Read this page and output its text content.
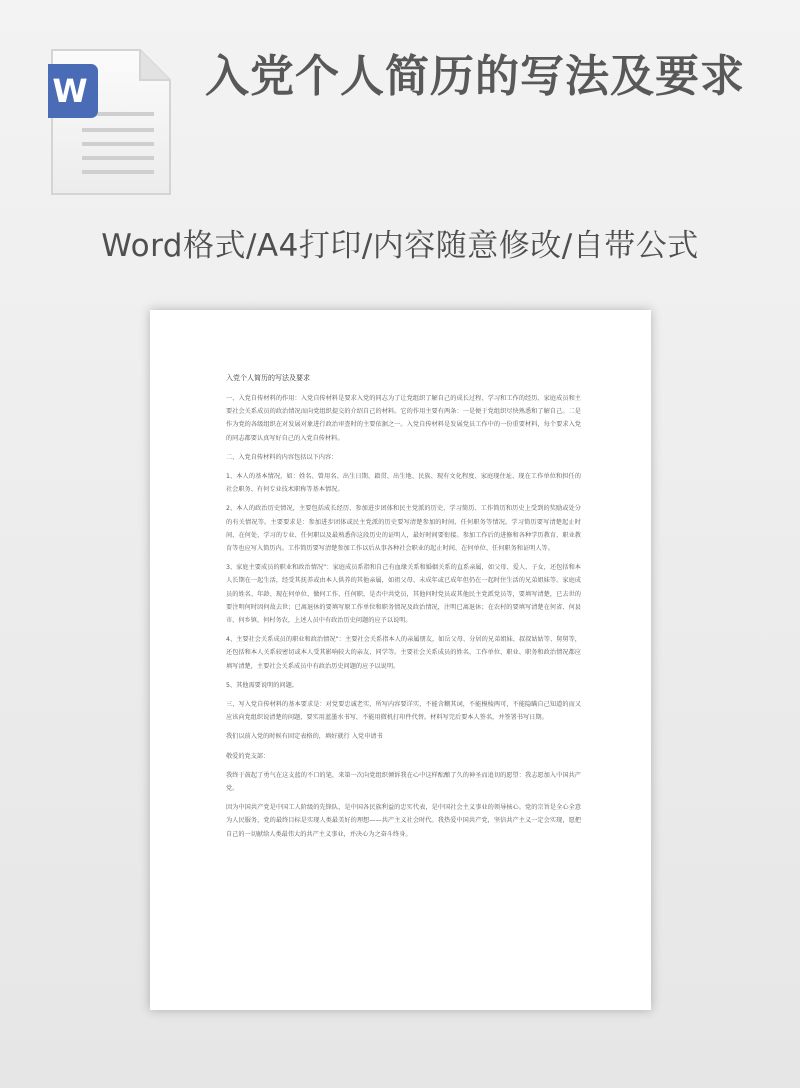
W	入党个人简历的写法及要求
Word格式/A4打印/内容随意修改/自带公式
入党个人简历的写法及要求
一、入党自传材料的作用：入党自传材料是要求入党的同志为了让党组织了解自己的成长过程、学习和工作的经历、家庭成员和主要社会关系成员的政治情况而向党组织提交的介绍自己的材料。它的作用主要有两条：一是便于党组织尽快熟悉和了解自己。二是作为党的各级组织在对发展对象进行政治审查时的主要依据之一。入党自传材料是发展党员工作中的一份重要材料，每个要求入党的同志都要认真写好自己的入党自传材料。
二、入党自传材料的内容包括以下内容：
1、本人的基本情况，如：姓名、曾用名、出生日期、籍贯、出生地、民族、现有文化程度、家庭现住址、现在工作单位和担任的社会职务、有何专业技术职称等基本情况。
2、本人的政治历史情况，主要包括成长经历、参加进步团体和民主党派的历史、学习简历、工作简历和历史上受到的奖励或处分的有关情况等。主要要求是：参加进步团体或民主党派的历史要写清楚参加的时间、任何职务等情况。学习简历要写清楚起止时间、在何处、学习的专业、任何职以及最熟悉你这段历史的证明人，最好时间要衔接。参加工作后的进修和各种学历教育、职业教育等也应写入简历内。工作简历要写清楚参加工作以后从事各种社会职业的起止时间、在何单位、任何职务和证明人等。
3、家庭主要成员的职业和政治情况”：家庭成员系指和自己有血缘关系和婚姻关系的直系亲属，如父母、爱人、子女，还包括和本人长期在一起生活，经受其抚养或由本人供养的其他亲属，如祖父母、未成年或已成年但仍在一起时住生活的兄弟姐妹等。家庭成员的姓名、年龄、现在何单位、做何工作、任何职，是否中共党员，其他何时党员或其他民主党派党员等，要填写清楚，已去世的要注明何时因何故去世；已离退休的要填写原工作单位和职务情况及政治情况，注明已离退休；在农村的要填写清楚在何省、何县市、何乡镇、何村务农，上述人员中有政治历史问题的应予以说明。
4、主要社会关系成员的职业和政治情况”：主要社会关系指本人的亲属朋友，如岳父母、分居的兄弟姐妹、叔叔姑姑等、舅舅等，还包括和本人关系较密切或本人受其影响较大的亲友、同学等。主要社会关系成员的姓名、工作单位、职业、职务和政治情况都应填写清楚，主要社会关系成员中有政治历史问题的应予以说明。
5、其他需要说明的问题。
三、写入党自传材料的基本要求是：对党要忠诚老实，所写内容要详实，不能含糊其词，不能模棱两可，不能隐瞒自己知道的而又应该向党组织说清楚的问题，要实用蓝墨水书写，不能用微机打印件代替。材料写完后要本人签名，并签署书写日期。
我们以前入党的时候有固定表格的，填好就行 入党申请书
敬爱的党支部：
我终于鼓起了勇气在这支蓝的不口的笔，来第一次向党组织倾诉我在心中这样酝酿了久的神圣而追切的愿望：我志愿加入中国共产党。
因为中国共产党是中国工人阶级的先锋队，是中国各民族利益的忠实代表，是中国社会主义事业的领导核心。党的宗旨是全心全意为人民服务，党的最终目标是实现人类最美好的理想——共产主义社会时代。我热爱中国共产党，坚信共产主义一定会实现，愿把自己的一切献给人类最伟大的共产主义事业，并决心为之奋斗终身。
